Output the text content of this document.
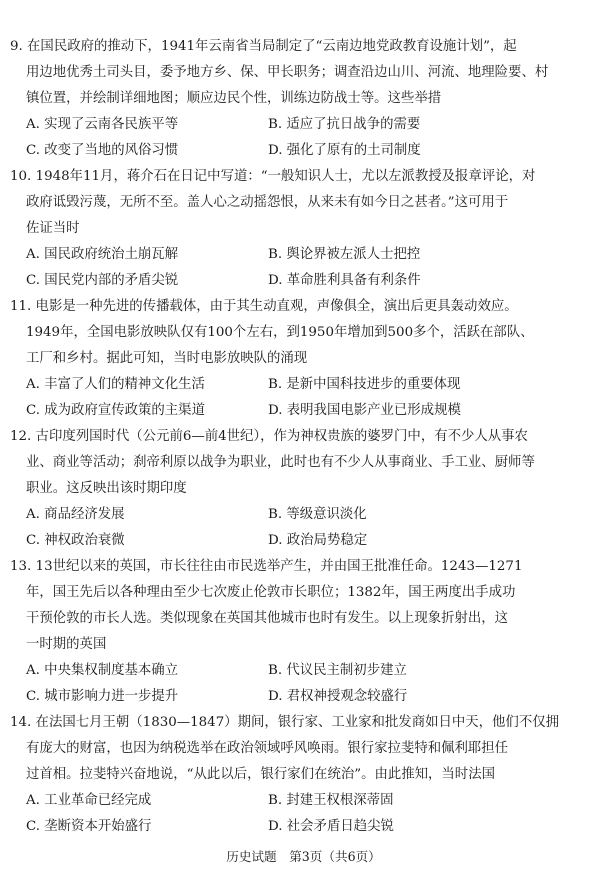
9. 在国民政府的推动下，1941年云南省当局制定了“云南边地党政教育设施计划”，起

用边地优秀土司头目，委予地方乡、保、甲长职务；调查沿边山川、河流、地理险要、村

镇位置，并绘制详细地图；顺应边民个性，训练边防战士等。这些举措

A. 实现了云南各民族平等	B. 适应了抗日战争的需要
C. 改变了当地的风俗习惯	D. 强化了原有的土司制度

10. 1948年11月，蒋介石在日记中写道：“一般知识人士，尤以左派教授及报章评论，对

政府诋毁污蔑，无所不至。盖人心之动摇怨恨，从来未有如今日之甚者。”这可用于

佐证当时

A. 国民政府统治土崩瓦解	B. 舆论界被左派人士把控
C. 国民党内部的矛盾尖锐	D. 革命胜利具备有利条件

11. 电影是一种先进的传播载体，由于其生动直观，声像俱全，演出后更具轰动效应。

1949年，全国电影放映队仅有100个左右，到1950年增加到500多个，活跃在部队、

工厂和乡村。据此可知，当时电影放映队的涌现

A. 丰富了人们的精神文化生活	B. 是新中国科技进步的重要体现
C. 成为政府宣传政策的主渠道	D. 表明我国电影产业已形成规模

12. 古印度列国时代（公元前6—前4世纪），作为神权贵族的婆罗门中，有不少人从事农

业、商业等活动；刹帝利原以战争为职业，此时也有不少人从事商业、手工业、厨师等

职业。这反映出该时期印度

A. 商品经济发展	B. 等级意识淡化
C. 神权政治衰微	D. 政治局势稳定

13. 13世纪以来的英国，市长往往由市民选举产生，并由国王批准任命。1243—1271

年，国王先后以各种理由至少七次废止伦敦市长职位；1382年，国王两度出手成功

干预伦敦的市长人选。类似现象在英国其他城市也时有发生。以上现象折射出，这

一时期的英国

A. 中央集权制度基本确立	B. 代议民主制初步建立
C. 城市影响力进一步提升	D. 君权神授观念较盛行

14. 在法国七月王朝（1830—1847）期间，银行家、工业家和批发商如日中天，他们不仅拥

有庞大的财富，也因为纳税选举在政治领域呼风唤雨。银行家拉斐特和佩利耶担任

过首相。拉斐特兴奋地说，“从此以后，银行家们在统治”。由此推知，当时法国

A. 工业革命已经完成	B. 封建王权根深蒂固
C. 垄断资本开始盛行	D. 社会矛盾日趋尖锐
历史试题　第3页（共6页）
